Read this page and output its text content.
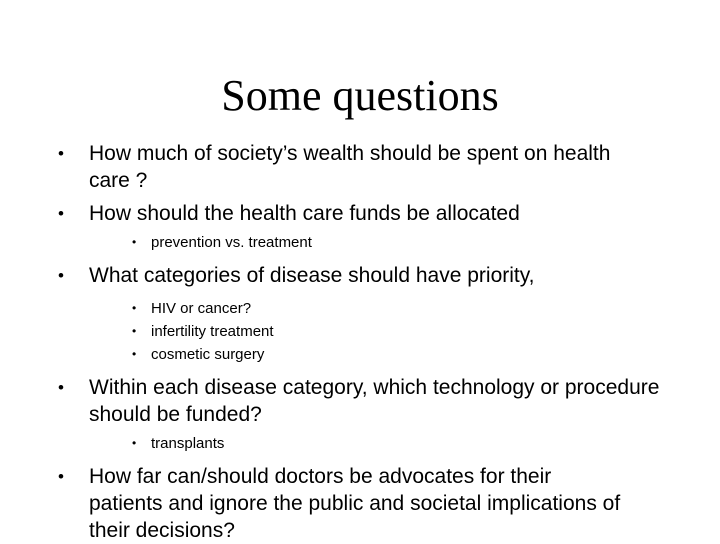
Some questions
•	How much of society’s wealth should be spent on health care ?
•	How should the health care funds be allocated
• prevention vs. treatment
•	What categories of disease should have priority,
• HIV or cancer?
• infertility treatment
• cosmetic surgery
•	Within each disease category, which technology or procedure should be funded?
• transplants
•	How far can/should doctors be advocates for their patients and ignore the public and societal implications of their decisions?
